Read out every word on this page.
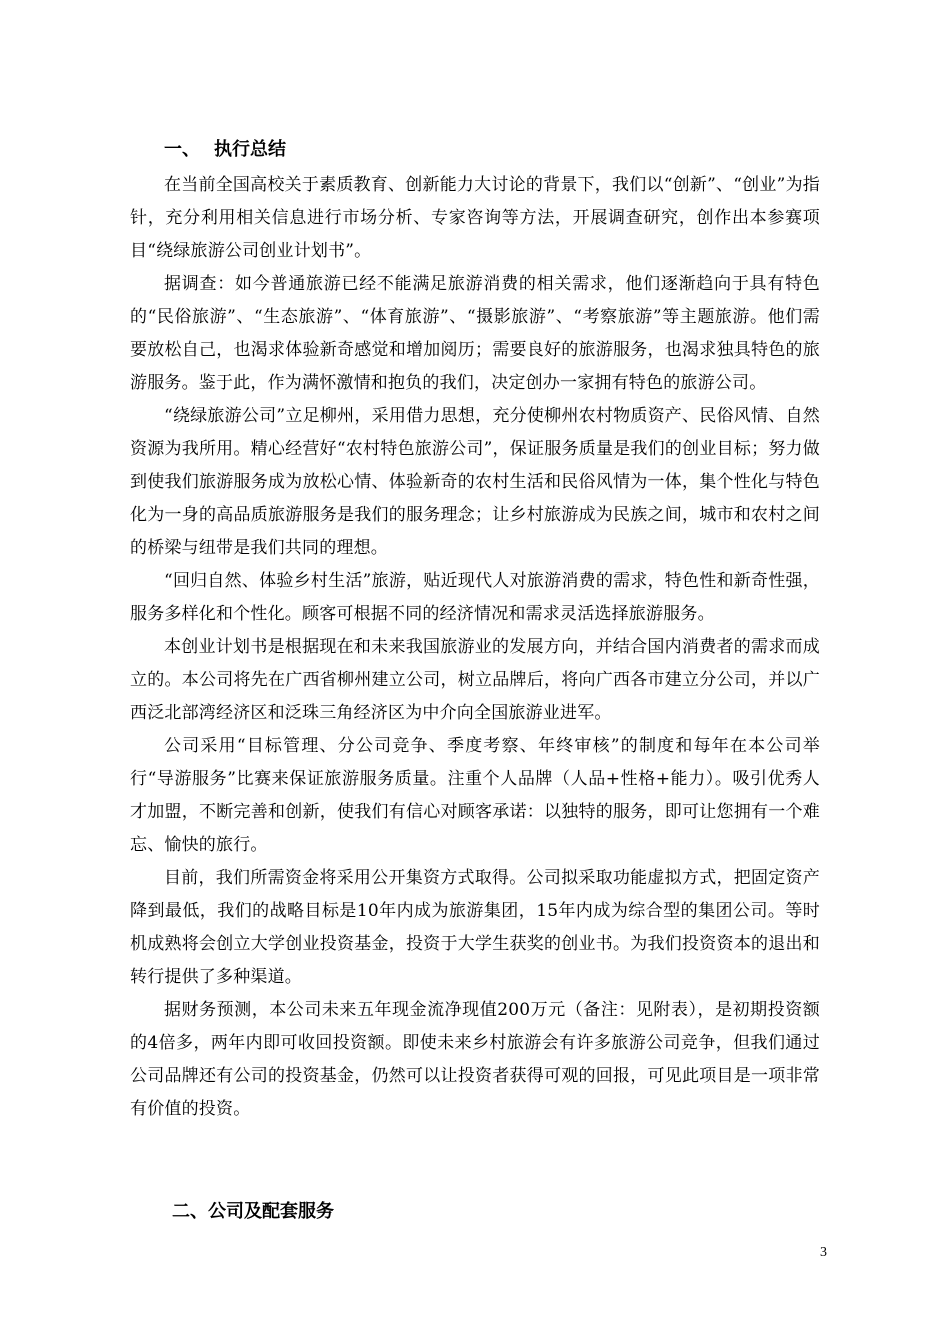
一、 执行总结

在当前全国高校关于素质教育、创新能力大讨论的背景下，我们以“创新”、“创业”为指针，充分利用相关信息进行市场分析、专家咨询等方法，开展调查研究，创作出本参赛项目“绕绿旅游公司创业计划书”。

据调查：如今普通旅游已经不能满足旅游消费的相关需求，他们逐渐趋向于具有特色的“民俗旅游”、“生态旅游”、“体育旅游”、“摄影旅游”、“考察旅游”等主题旅游。他们需要放松自己，也渴求体验新奇感觉和增加阅历；需要良好的旅游服务，也渴求独具特色的旅游服务。鉴于此，作为满怀激情和抱负的我们，决定创办一家拥有特色的旅游公司。

“绕绿旅游公司”立足柳州，采用借力思想，充分使柳州农村物质资产、民俗风情、自然资源为我所用。精心经营好“农村特色旅游公司”，保证服务质量是我们的创业目标；努力做到使我们旅游服务成为放松心情、体验新奇的农村生活和民俗风情为一体，集个性化与特色化为一身的高品质旅游服务是我们的服务理念；让乡村旅游成为民族之间，城市和农村之间的桥梁与纽带是我们共同的理想。

“回归自然、体验乡村生活”旅游，贴近现代人对旅游消费的需求，特色性和新奇性强，服务多样化和个性化。顾客可根据不同的经济情况和需求灵活选择旅游服务。

本创业计划书是根据现在和未来我国旅游业的发展方向，并结合国内消费者的需求而成立的。本公司将先在广西省柳州建立公司，树立品牌后，将向广西各市建立分公司，并以广西泛北部湾经济区和泛珠三角经济区为中介向全国旅游业进军。

公司采用“目标管理、分公司竞争、季度考察、年终审核”的制度和每年在本公司举行“导游服务”比赛来保证旅游服务质量。注重个人品牌（人品+性格+能力）。吸引优秀人才加盟，不断完善和创新，使我们有信心对顾客承诺：以独特的服务，即可让您拥有一个难忘、愉快的旅行。

目前，我们所需资金将采用公开集资方式取得。公司拟采取功能虚拟方式，把固定资产降到最低，我们的战略目标是10年内成为旅游集团，15年内成为综合型的集团公司。等时机成熟将会创立大学创业投资基金，投资于大学生获奖的创业书。为我们投资资本的退出和转行提供了多种渠道。

据财务预测，本公司未来五年现金流净现值200万元（备注：见附表），是初期投资额的4倍多，两年内即可收回投资额。即使未来乡村旅游会有许多旅游公司竞争，但我们通过公司品牌还有公司的投资基金，仍然可以让投资者获得可观的回报，可见此项目是一项非常有价值的投资。

二、公司及配套服务
3
